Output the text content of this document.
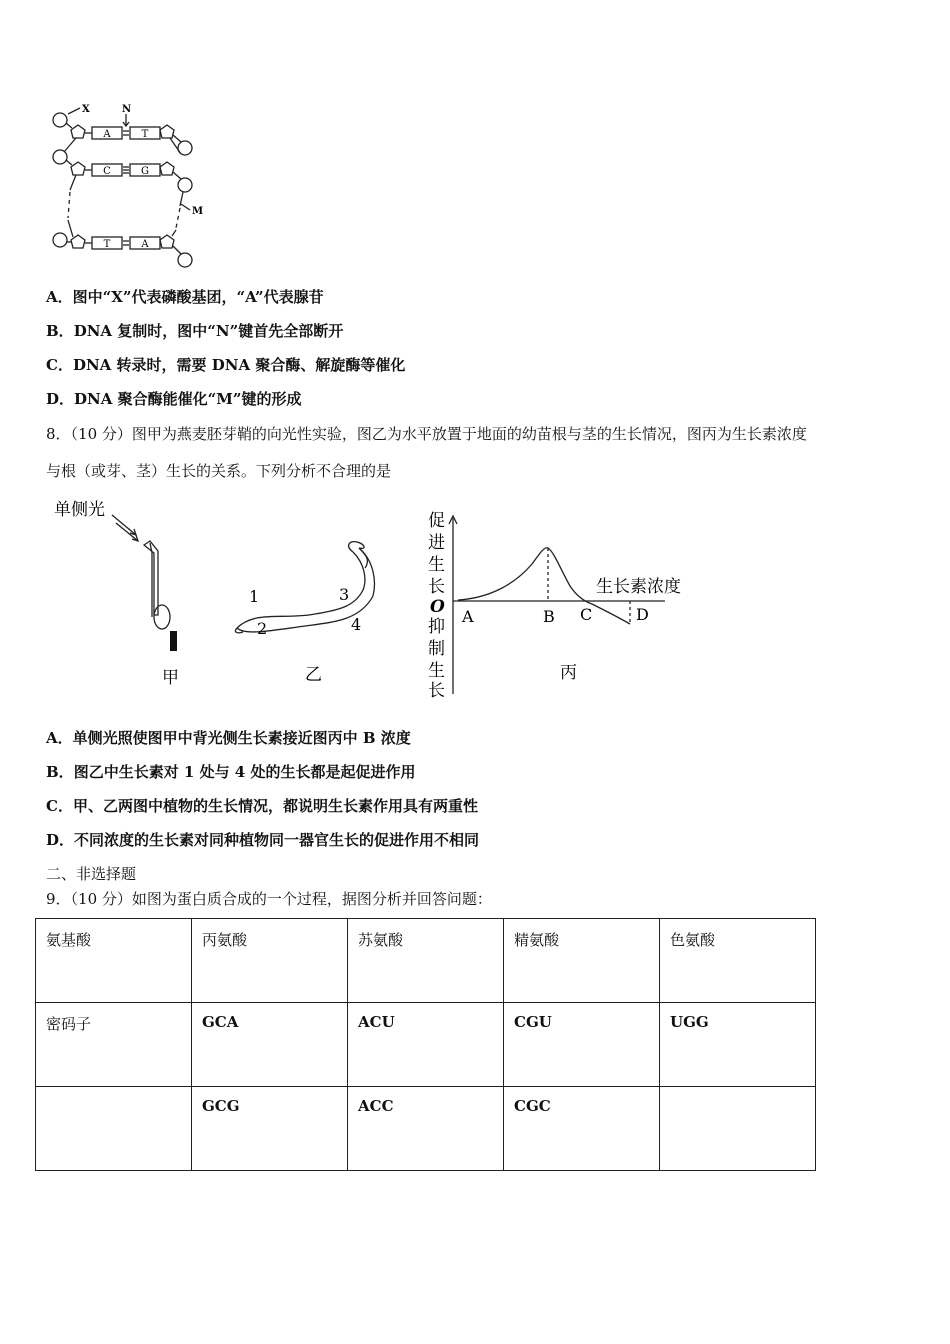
X	N
M
A	T
C	G
T	A
A．图中“X”代表磷酸基团，“A”代表腺苷
B．DNA 复制时，图中“N”键首先全部断开
C．DNA 转录时，需要 DNA 聚合酶、解旋酶等催化
D．DNA 聚合酶能催化“M”键的形成
8．（10 分）图甲为燕麦胚芽鞘的向光性实验，图乙为水平放置于地面的幼苗根与茎的生长情况，图丙为生长素浓度
与根（或芽、茎）生长的关系。下列分析不合理的是
单侧光
甲
1
2
3
4
乙
促
进
生
长
O
抑
制
生
长
生长素浓度
A	B C	D
丙
A．单侧光照使图甲中背光侧生长素接近图丙中 B 浓度
B．图乙中生长素对 1 处与 4 处的生长都是起促进作用
C．甲、乙两图中植物的生长情况，都说明生长素作用具有两重性
D．不同浓度的生长素对同种植物同一器官生长的促进作用不相同
二、非选择题
9．（10 分）如图为蛋白质合成的一个过程，据图分析并回答问题：
氨基酸	丙氨酸	苏氨酸	精氨酸	色氨酸
密码子	GCA	ACU	CGU	UGG
	GCG	ACC	CGC	
